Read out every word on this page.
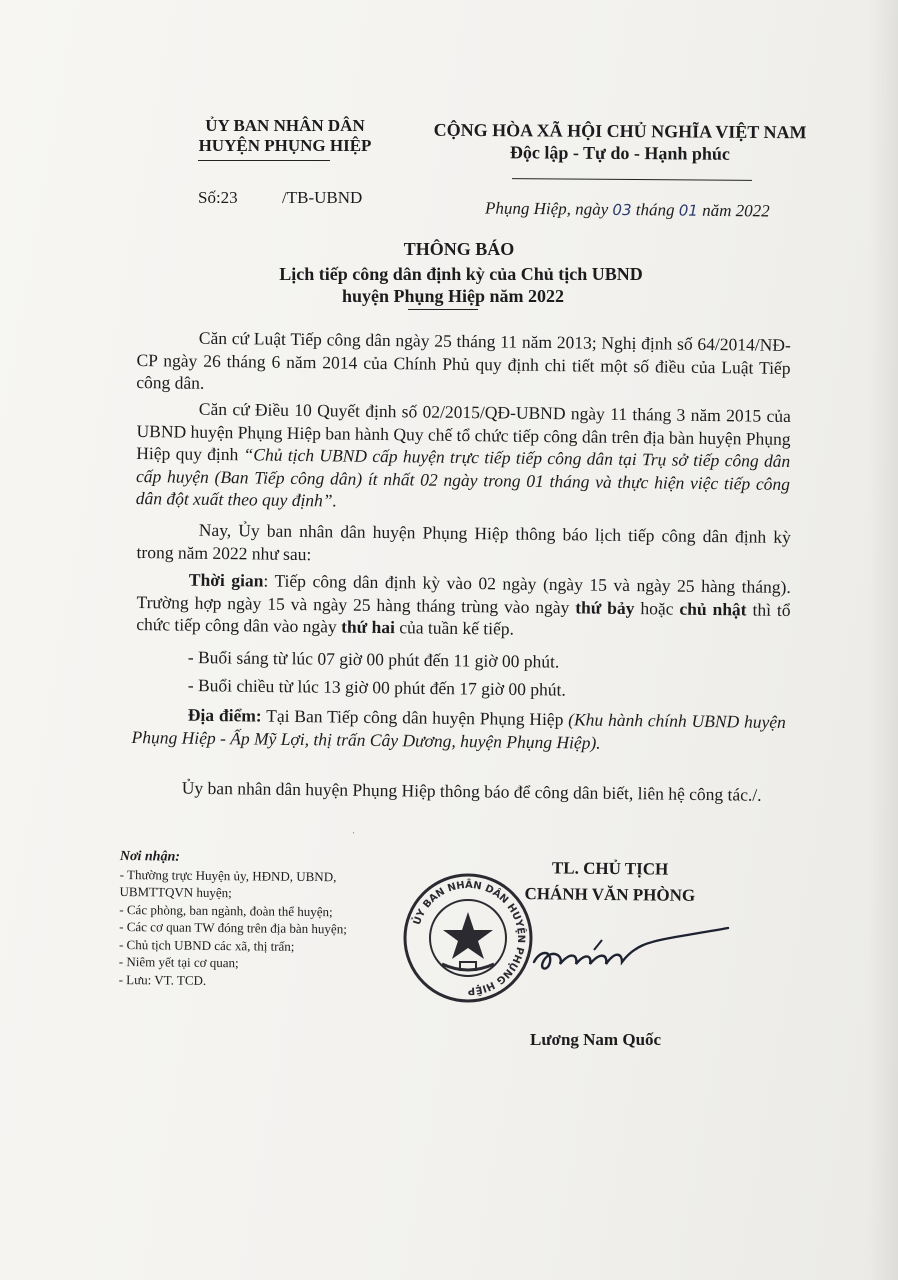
ỦY BAN NHÂN DÂN
HUYỆN PHỤNG HIỆP
CỘNG HÒA XÃ HỘI CHỦ NGHĨA VIỆT NAM
Độc lập - Tự do - Hạnh phúc
Số:23	/TB-UBND
Phụng Hiệp, ngày 03 tháng 01 năm 2022
THÔNG BÁO
Lịch tiếp công dân định kỳ của Chủ tịch UBND
huyện Phụng Hiệp năm 2022
Căn cứ Luật Tiếp công dân ngày 25 tháng 11 năm 2013; Nghị định số 64/2014/NĐ-CP ngày 26 tháng 6 năm 2014 của Chính Phủ quy định chi tiết một số điều của Luật Tiếp công dân.
Căn cứ Điều 10 Quyết định số 02/2015/QĐ-UBND ngày 11 tháng 3 năm 2015 của UBND huyện Phụng Hiệp ban hành Quy chế tổ chức tiếp công dân trên địa bàn huyện Phụng Hiệp quy định “Chủ tịch UBND cấp huyện trực tiếp tiếp công dân tại Trụ sở tiếp công dân cấp huyện (Ban Tiếp công dân) ít nhất 02 ngày trong 01 tháng và thực hiện việc tiếp công dân đột xuất theo quy định”.
Nay, Ủy ban nhân dân huyện Phụng Hiệp thông báo lịch tiếp công dân định kỳ trong năm 2022 như sau:
Thời gian: Tiếp công dân định kỳ vào 02 ngày (ngày 15 và ngày 25 hàng tháng). Trường hợp ngày 15 và ngày 25 hàng tháng trùng vào ngày thứ bảy hoặc chủ nhật thì tổ chức tiếp công dân vào ngày thứ hai của tuần kế tiếp.
- Buổi sáng từ lúc 07 giờ 00 phút đến 11 giờ 00 phút.
- Buổi chiều từ lúc 13 giờ 00 phút đến 17 giờ 00 phút.
Địa điểm: Tại Ban Tiếp công dân huyện Phụng Hiệp (Khu hành chính UBND huyện Phụng Hiệp - Ấp Mỹ Lợi, thị trấn Cây Dương, huyện Phụng Hiệp).
Ủy ban nhân dân huyện Phụng Hiệp thông báo để công dân biết, liên hệ công tác./.
ˈ
Nơi nhận:
- Thường trực Huyện ủy, HĐND, UBND,
UBMTTQVN huyện;
- Các phòng, ban ngành, đoàn thể huyện;
- Các cơ quan TW đóng trên địa bàn huyện;
- Chủ tịch UBND các xã, thị trấn;
- Niêm yết tại cơ quan;
- Lưu: VT. TCD.
TL. CHỦ TỊCH
CHÁNH VĂN PHÒNG
ỦY BAN NHÂN DÂN HUYỆN PHỤNG HIỆP
Lương Nam Quốc
